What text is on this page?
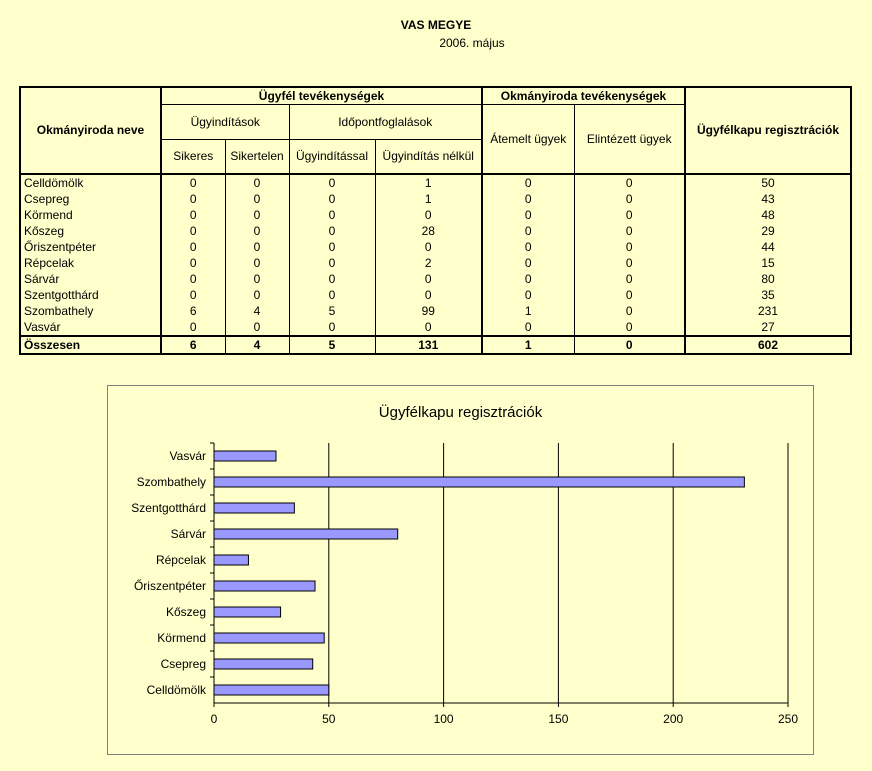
VAS MEGYE
2006. május
Okmányiroda neve	Ügyfél tevékenységek				Okmányiroda tevékenységek		Ügyfélkapu regisztrációk
	Ügyindítások		Időpontfoglalások		Átemelt ügyek	Elintézett ügyek	
	Sikeres	Sikertelen	Ügyindítással	Ügyindítás nélkül			
Celldömölk	0	0	0	1	0	0	50
Csepreg	0	0	0	1	0	0	43
Körmend	0	0	0	0	0	0	48
Kőszeg	0	0	0	28	0	0	29
Őriszentpéter	0	0	0	0	0	0	44
Répcelak	0	0	0	2	0	0	15
Sárvár	0	0	0	0	0	0	80
Szentgotthárd	0	0	0	0	0	0	35
Szombathely	6	4	5	99	1	0	231
Vasvár	0	0	0	0	0	0	27
Összesen	6	4	5	131	1	0	602
Ügyfélkapu regisztrációk
0	50	100	150	200	250
Vasvár
Szombathely
Szentgotthárd
Sárvár
Répcelak
Őriszentpéter
Kőszeg
Körmend
Csepreg
Celldömölk
